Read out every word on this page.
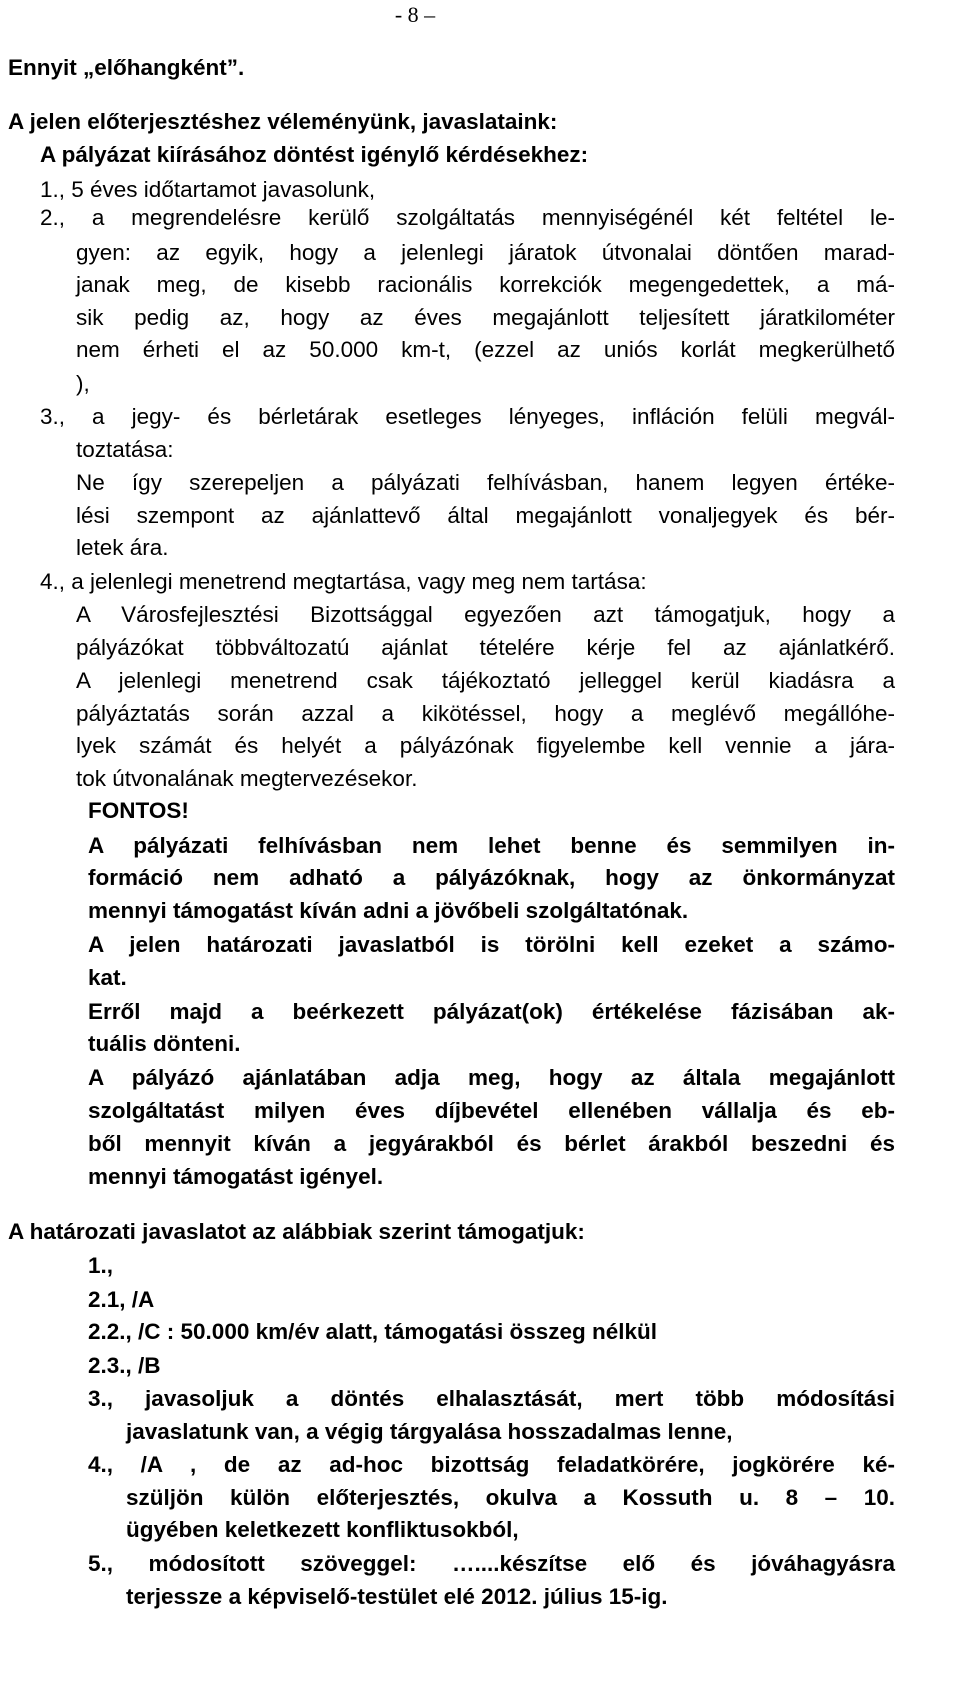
- 8 –
Ennyit „előhangként”.
A jelen előterjesztéshez véleményünk, javaslataink:
A pályázat kiírásához döntést igénylő kérdésekhez:
1., 5 éves időtartamot javasolunk,
2., a megrendelésre kerülő szolgáltatás mennyiségénél két feltétel le-
gyen: az egyik, hogy a jelenlegi járatok útvonalai döntően marad-
janak meg, de kisebb racionális korrekciók megengedettek, a má-
sik pedig az, hogy az éves megajánlott teljesített járatkilométer
nem érheti el az 50.000 km-t, (ezzel az uniós korlát megkerülhető
),
3., a jegy- és bérletárak esetleges lényeges, infláción felüli megvál-
toztatása:
Ne így szerepeljen a pályázati felhívásban, hanem legyen értéke-
lési szempont az ajánlattevő által megajánlott vonaljegyek és bér-
letek ára.
4., a jelenlegi menetrend megtartása, vagy meg nem tartása:
A Városfejlesztési Bizottsággal egyezően azt támogatjuk, hogy a
pályázókat többváltozatú ajánlat tételére kérje fel az ajánlatkérő.
A jelenlegi menetrend csak tájékoztató jelleggel kerül kiadásra a
pályáztatás során azzal a kikötéssel, hogy a meglévő megállóhe-
lyek számát és helyét a pályázónak figyelembe kell vennie a jára-
tok útvonalának megtervezésekor.
FONTOS!
A pályázati felhívásban nem lehet benne és semmilyen in-
formáció nem adható a pályázóknak, hogy az önkormányzat
mennyi támogatást kíván adni a jövőbeli szolgáltatónak.
A jelen határozati javaslatból is törölni kell ezeket a számo-
kat.
Erről majd a beérkezett pályázat(ok) értékelése fázisában ak-
tuális dönteni.
A pályázó ajánlatában adja meg, hogy az általa megajánlott
szolgáltatást milyen éves díjbevétel ellenében vállalja és eb-
ből mennyit kíván a jegyárakból és bérlet árakból beszedni és
mennyi támogatást igényel.
A határozati javaslatot az alábbiak szerint támogatjuk:
1.,
2.1, /A
2.2., /C : 50.000 km/év alatt, támogatási összeg nélkül
2.3., /B
3., javasoljuk a döntés elhalasztását, mert több módosítási
javaslatunk van, a végig tárgyalása hosszadalmas lenne,
4., /A , de az ad-hoc bizottság feladatkörére, jogkörére ké-
szüljön külön előterjesztés, okulva a Kossuth u. 8 – 10.
ügyében keletkezett konfliktusokból,
5., módosított szöveggel: …....készítse elő és jóváhagyásra
terjessze a képviselő-testület elé 2012. július 15-ig.
